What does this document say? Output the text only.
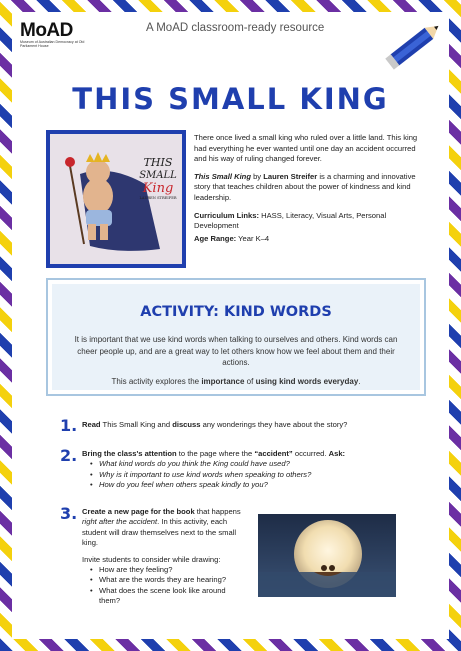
MoAD
Museum of Australian Democracy at Old Parliament House
A MoAD classroom-ready resource
THIS SMALL KING
THIS
SMALL
King
LAUREN STREIFER

There once lived a small king who ruled over a little land. This king had everything he ever wanted until one day an accident occurred and his way of ruling changed forever.

This Small King by Lauren Streifer is a charming and innovative story that teaches children about the power of kindness and kind leadership.

Curriculum Links: HASS, Literacy, Visual Arts, Personal Development

Age Range: Year K–4

ACTIVITY: KIND WORDS

It is important that we use kind words when talking to ourselves and others. Kind words can cheer people up, and are a great way to let others know how we feel about them and their actions.

This activity explores the importance of using kind words everyday.

1. Read This Small King and discuss any wonderings they have about the story?
2. Bring the class's attention to the page where the “accident” occurred. Ask:
• What kind words do you think the King could have used?
• Why is it important to use kind words when speaking to others?
• How do you feel when others speak kindly to you?
3. Create a new page for the book that happens right after the accident. In this activity, each student will draw themselves next to the small king.
Invite students to consider while drawing:
• How are they feeling?
• What are the words they are hearing?
• What does the scene look like around them?
